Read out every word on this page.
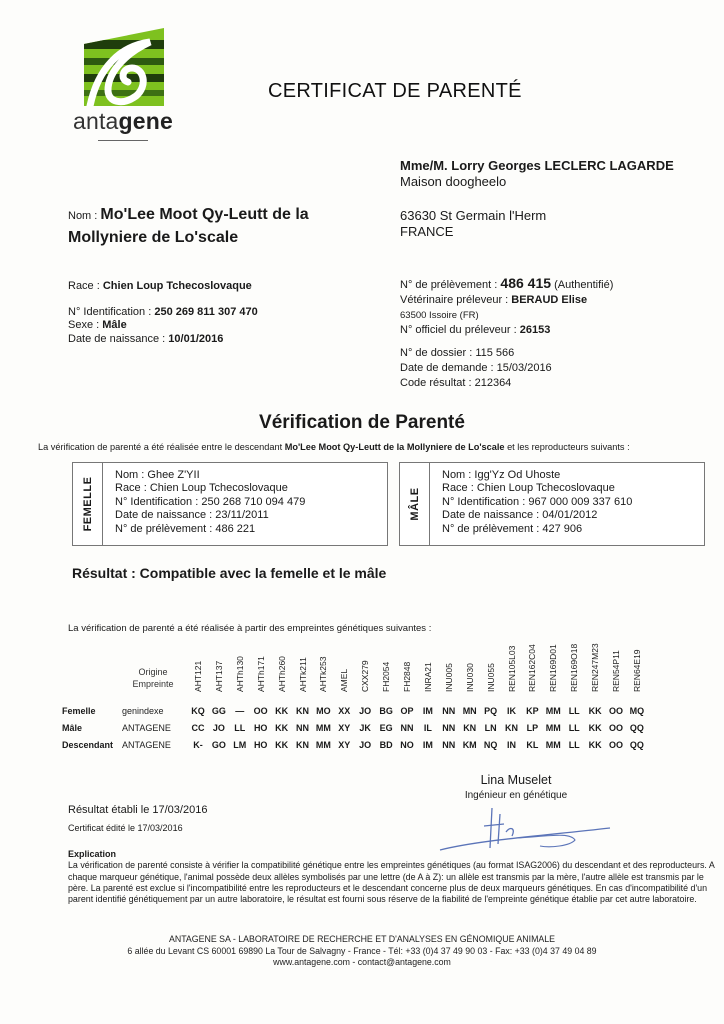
antagene
CERTIFICAT DE PARENTÉ
Mme/M. Lorry Georges LECLERC LAGARDE
Maison doogheelo
63630 St Germain l'Herm
FRANCE
Nom : Mo'Lee Moot Qy-Leutt de la
Mollyniere de Lo'scale
Race : Chien Loup Tchecoslovaque
N° Identification : 250 269 811 307 470
Sexe : Mâle
Date de naissance : 10/01/2016
N° de prélèvement : 486 415 (Authentifié)
Vétérinaire préleveur : BERAUD Elise
63500 Issoire (FR)
N° officiel du préleveur : 26153
N° de dossier : 115 566
Date de demande : 15/03/2016
Code résultat : 212364
Vérification de Parenté
La vérification de parenté a été réalisée entre le descendant Mo'Lee Moot Qy-Leutt de la Mollyniere de Lo'scale et les reproducteurs suivants :
FEMELLE
Nom : Ghee Z'YII
Race : Chien Loup Tchecoslovaque
N° Identification : 250 268 710 094 479
Date de naissance : 23/11/2011
N° de prélèvement : 486 221
MÂLE
Nom : Igg'Yz Od Uhoste
Race : Chien Loup Tchecoslovaque
N° Identification : 967 000 009 337 610
Date de naissance : 04/01/2012
N° de prélèvement : 427 906
Résultat : Compatible avec la femelle et le mâle
La vérification de parenté a été réalisée à partir des empreintes génétiques suivantes :
Origine
Empreinte	AHT121 AHT137 AHTh130 AHTh171 AHTh260 AHTk211 AHTk253 AMEL CXX279 FH2054 FH2848 INRA21 INU005 INU030 INU055 REN105L03 REN162C04 REN169D01 REN169O18 REN247M23 REN54P11 REN64E19
Femelle	genindexe	KQ GG	—	OO KK KN MO XX JO BG OP	IM	NN MN PQ	IK	KP MM LL KK OO MQ
Mâle	ANTAGENE	CC JO	LL HO KK NN MM XY	JK EG NN	IL	NN KN LN KN LP MM LL KK OO QQ
Descendant ANTAGENE	K-	GO LM HO KK KN MM XY JO BD NO	IM	NN KM NQ	IN	KL MM LL KK OO QQ
Lina Muselet
Ingénieur en génétique
Résultat établi le 17/03/2016
Certificat édité le 17/03/2016
Explication
La vérification de parenté consiste à vérifier la compatibilité génétique entre les empreintes génétiques (au format ISAG2006) du descendant et des reproducteurs. A chaque marqueur génétique, l'animal possède deux allèles symbolisés par une lettre (de A à Z): un allèle est transmis par la mère, l'autre allèle est transmis par le père. La parenté est exclue si l'incompatibilité entre les reproducteurs et le descendant concerne plus de deux marqueurs génétiques. En cas d'incompatibilité d'un parent identifié génétiquement par un autre laboratoire, le résultat est fourni sous réserve de la fiabilité de l'empreinte génétique établie par cet autre laboratoire.
ANTAGENE SA - LABORATOIRE DE RECHERCHE ET D'ANALYSES EN GÉNOMIQUE ANIMALE
6 allée du Levant CS 60001 69890 La Tour de Salvagny - France - Tél: +33 (0)4 37 49 90 03 - Fax: +33 (0)4 37 49 04 89
www.antagene.com - contact@antagene.com
